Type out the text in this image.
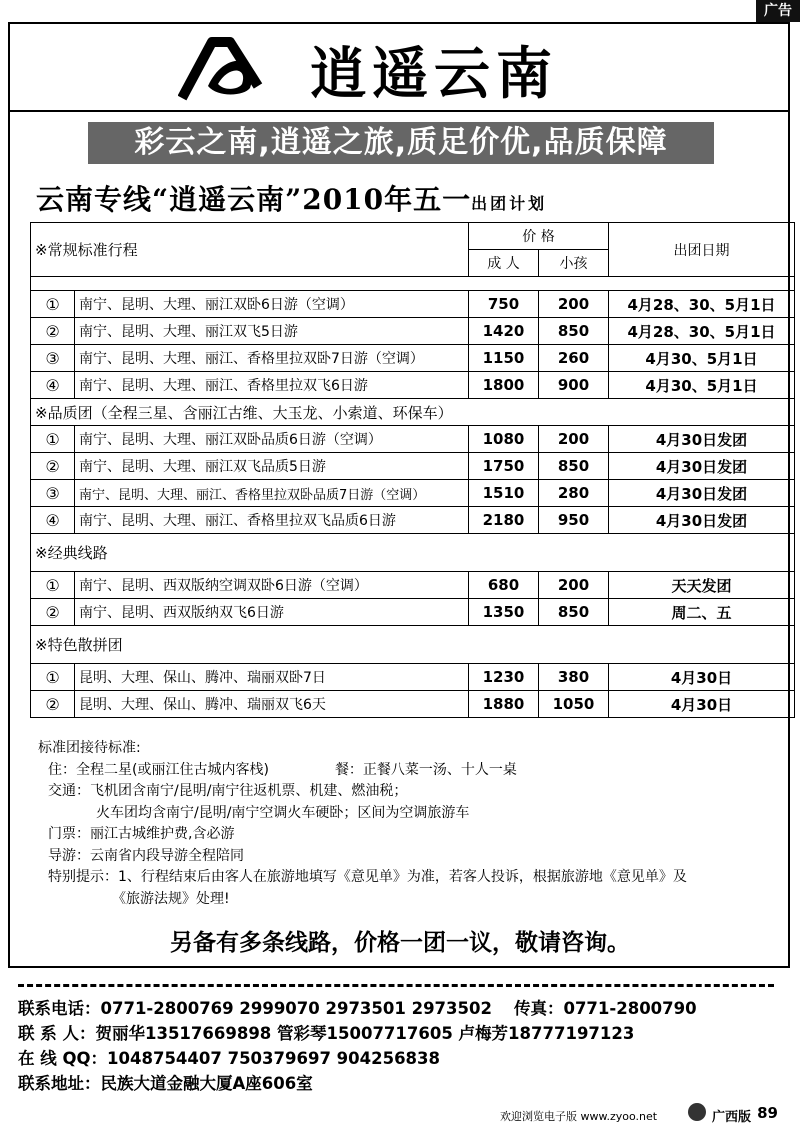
广告
逍遥云南
彩云之南,逍遥之旅,质足价优,品质保障
云南专线“逍遥云南”2010年五一出团计划
※常规标准行程		价 格		出团日期
		成 人	小孩	

①	南宁、昆明、大理、丽江双卧6日游（空调）	750	200	4月28、30、5月1日
②	南宁、昆明、大理、丽江双飞5日游	1420	850	4月28、30、5月1日
③	南宁、昆明、大理、丽江、香格里拉双卧7日游（空调）	1150	260	4月30、5月1日
④	南宁、昆明、大理、丽江、香格里拉双飞6日游	1800	900	4月30、5月1日
※品质团（全程三星、含丽江古维、大玉龙、小索道、环保车）				
①	南宁、昆明、大理、丽江双卧品质6日游（空调）	1080	200	4月30日发团
②	南宁、昆明、大理、丽江双飞品质5日游	1750	850	4月30日发团
③	南宁、昆明、大理、丽江、香格里拉双卧品质7日游（空调）	1510	280	4月30日发团
④	南宁、昆明、大理、丽江、香格里拉双飞品质6日游	2180	950	4月30日发团
※经典线路				
①	南宁、昆明、西双版纳空调双卧6日游（空调）	680	200	天天发团
②	南宁、昆明、西双版纳双飞6日游	1350	850	周二、五
※特色散拼团				
①	昆明、大理、保山、腾冲、瑞丽双卧7日	1230	380	4月30日
②	昆明、大理、保山、腾冲、瑞丽双飞6天	1880	1050	4月30日
标准团接待标准:
住：全程二星(或丽江住古城内客栈)	餐：正餐八菜一汤、十人一桌
交通：飞机团含南宁/昆明/南宁往返机票、机建、燃油税；
火车团均含南宁/昆明/南宁空调火车硬卧；区间为空调旅游车
门票：丽江古城维护费,含必游
导游：云南省内段导游全程陪同
特别提示：1、行程结束后由客人在旅游地填写《意见单》为准，若客人投诉，根据旅游地《意见单》及
《旅游法规》处理!
另备有多条线路，价格一团一议，敬请咨询。
联系电话：0771-2800769 2999070 2973501 2973502 传真：0771-2800790
联 系 人：贺丽华13517669898 管彩琴15007717605 卢梅芳18777197123
在 线 QQ：1048754407 750379697 904256838
联系地址：民族大道金融大厦A座606室
欢迎浏览电子版 www.zyoo.net	广西版 89
